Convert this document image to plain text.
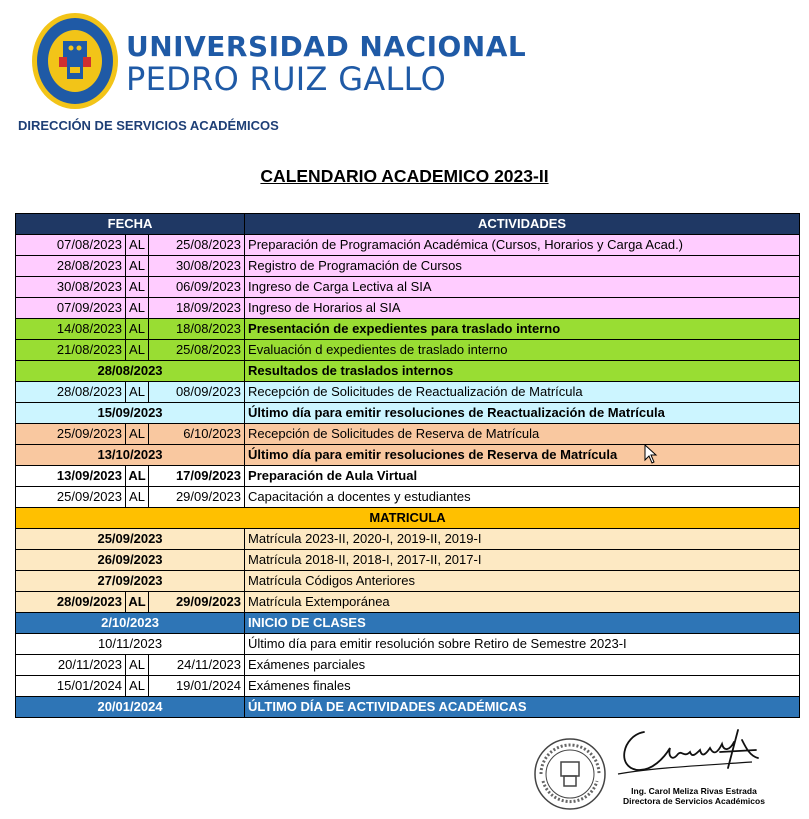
UNIVERSIDAD NACIONAL
PEDRO RUIZ GALLO
DIRECCIÓN DE SERVICIOS ACADÉMICOS
CALENDARIO ACADEMICO 2023-II
FECHA			ACTIVIDADES
07/08/2023	AL	25/08/2023	Preparación de Programación Académica (Cursos, Horarios y Carga Acad.)
28/08/2023	AL	30/08/2023	Registro de Programación de Cursos
30/08/2023	AL	06/09/2023	Ingreso de Carga Lectiva al SIA
07/09/2023	AL	18/09/2023	Ingreso de Horarios al SIA
14/08/2023	AL	18/08/2023	Presentación de expedientes para traslado interno
21/08/2023	AL	25/08/2023	Evaluación d expedientes de traslado interno
28/08/2023			Resultados de traslados internos
28/08/2023	AL	08/09/2023	Recepción de Solicitudes de Reactualización de Matrícula
15/09/2023			Último día para emitir resoluciones de Reactualización de Matrícula
25/09/2023	AL	6/10/2023	Recepción de Solicitudes de Reserva de Matrícula
13/10/2023			Último día para emitir resoluciones de Reserva de Matrícula
13/09/2023	AL	17/09/2023	Preparación de Aula Virtual
25/09/2023	AL	29/09/2023	Capacitación a docentes y estudiantes
MATRICULA			
25/09/2023			Matrícula 2023-II, 2020-I, 2019-II, 2019-I
26/09/2023			Matrícula 2018-II, 2018-I, 2017-II, 2017-I
27/09/2023			Matrícula Códigos Anteriores
28/09/2023	AL	29/09/2023	Matrícula Extemporánea
2/10/2023			INICIO DE CLASES
10/11/2023			Último día para emitir resolución sobre Retiro de Semestre 2023-I
20/11/2023	AL	24/11/2023	Exámenes parciales
15/01/2024	AL	19/01/2024	Exámenes finales
20/01/2024			ÚLTIMO DÍA DE ACTIVIDADES ACADÉMICAS
Ing. Carol Meliza Rivas Estrada
Directora de Servicios Académicos
